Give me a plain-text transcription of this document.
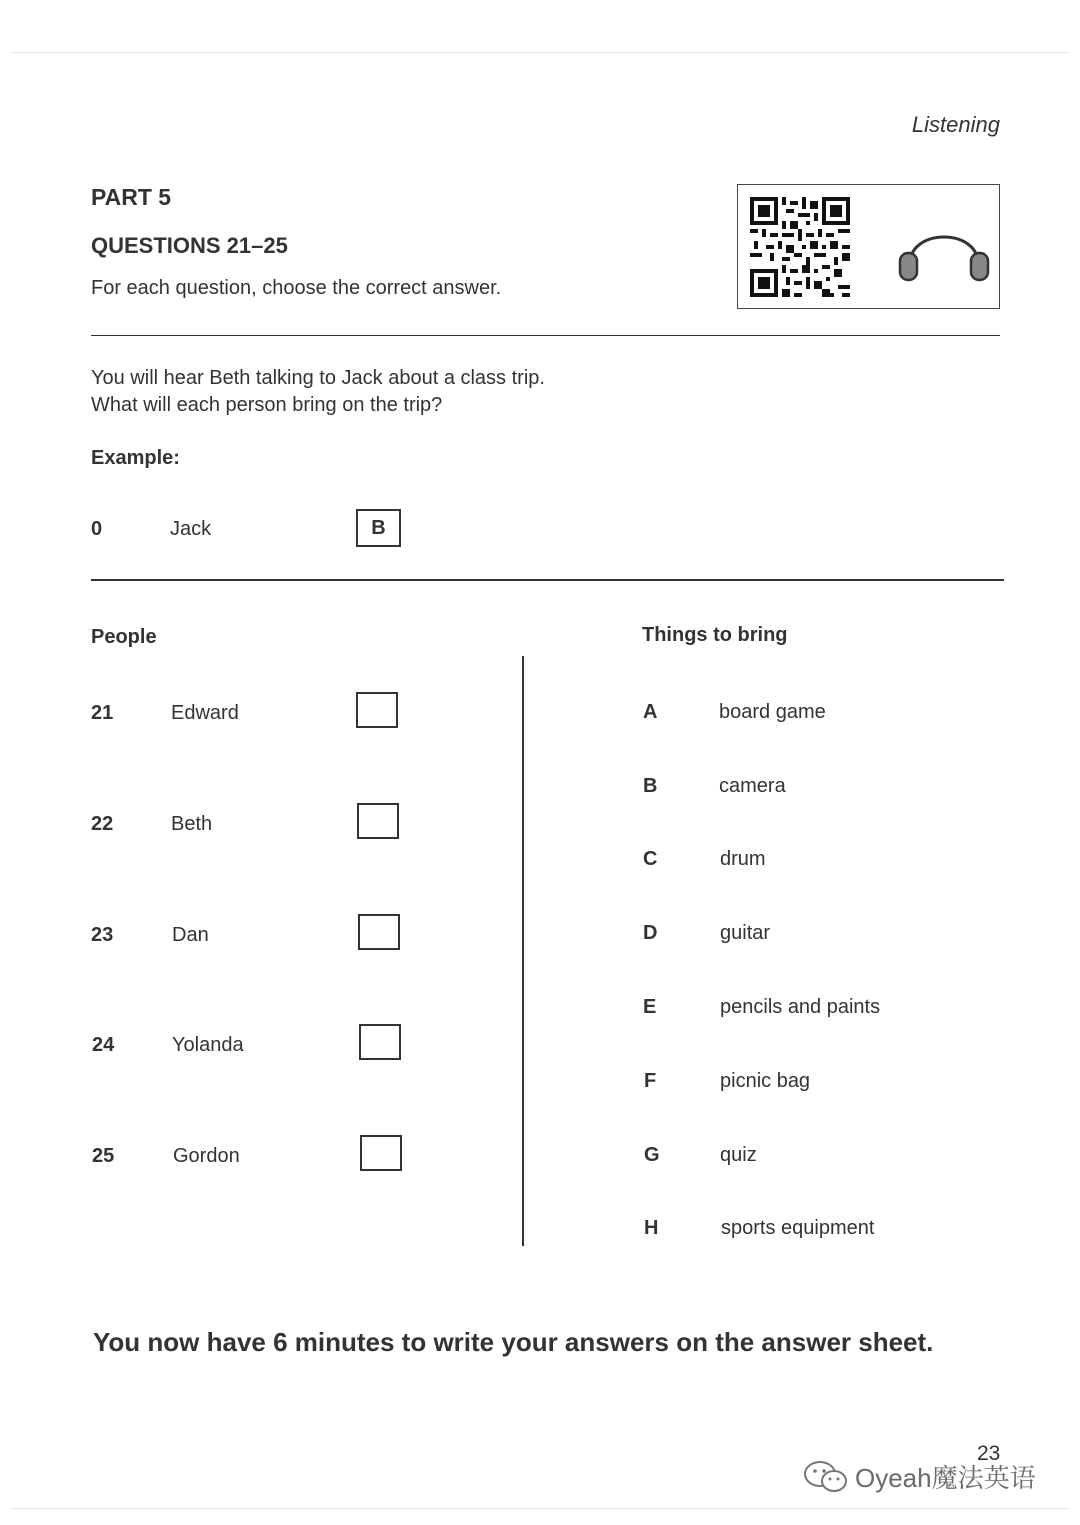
Listening
PART 5
QUESTIONS 21–25
For each question, choose the correct answer.
You will hear Beth talking to Jack about a class trip.
What will each person bring on the trip?
Example:
0	Jack	B
People
21	Edward
22	Beth
23	Dan
24	Yolanda
25	Gordon
Things to bring
A	board game
B	camera
C	drum
D	guitar
E	pencils and paints
F	picnic bag
G	quiz
H	sports equipment
You now have 6 minutes to write your answers on the answer sheet.
23
Oyeah魔法英语
